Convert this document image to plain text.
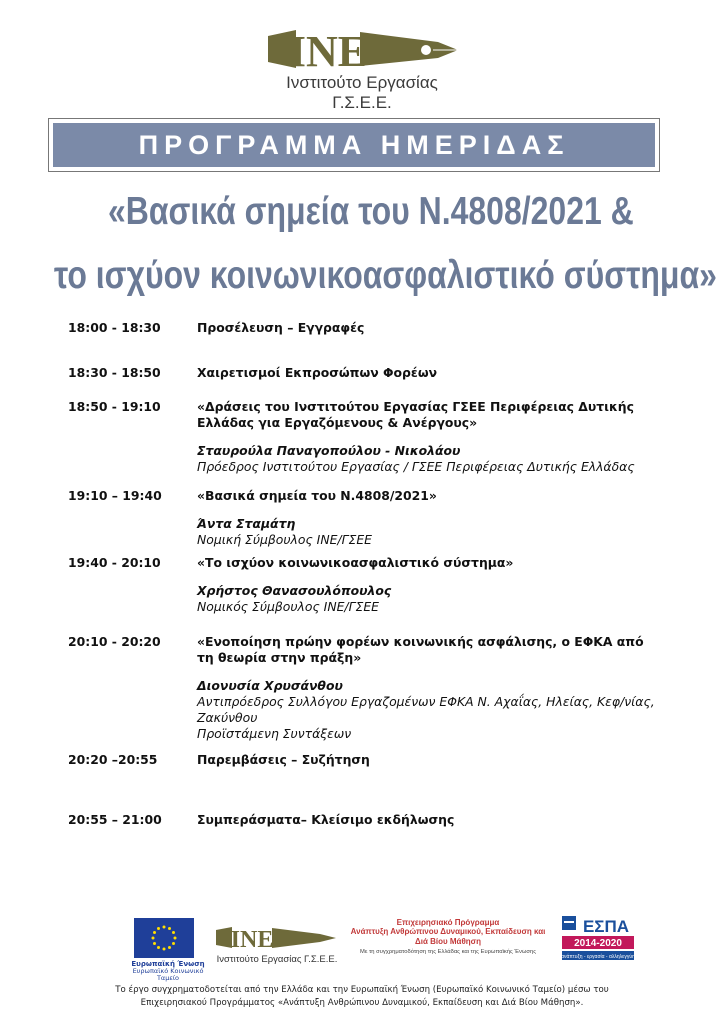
INE
Ινστιτούτο Εργασίας Γ.Σ.Ε.Ε.
ΠΡΟΓΡΑΜΜΑ ΗΜΕΡΙΔΑΣ
«Βασικά σημεία του Ν.4808/2021 &
το ισχύον κοινωνικοασφαλιστικό σύστημα»
18:00 - 18:30	Προσέλευση – Εγγραφές
18:30 - 18:50	Χαιρετισμοί Εκπροσώπων Φορέων
18:50 - 19:10	«Δράσεις του Ινστιτούτου Εργασίας ΓΣΕΕ Περιφέρειας Δυτικής Ελλάδας για Εργαζόμενους & Ανέργους»
Σταυρούλα Παναγοπούλου - Νικολάου
Πρόεδρος Ινστιτούτου Εργασίας / ΓΣΕΕ Περιφέρειας Δυτικής Ελλάδας
19:10 – 19:40	«Βασικά σημεία του Ν.4808/2021»
Άντα Σταμάτη
Νομική Σύμβουλος ΙΝΕ/ΓΣΕΕ
19:40 - 20:10	«Το ισχύον κοινωνικοασφαλιστικό σύστημα»
Χρήστος Θανασουλόπουλος
Νομικός Σύμβουλος ΙΝΕ/ΓΣΕΕ
20:10 - 20:20	«Ενοποίηση πρώην φορέων κοινωνικής ασφάλισης, ο ΕΦΚΑ από τη θεωρία στην πράξη»
Διονυσία Χρυσάνθου
Αντιπρόεδρος Συλλόγου Εργαζομένων ΕΦΚΑ Ν. Αχαΐας, Ηλείας, Κεφ/νίας, Ζακύνθου
Προϊστάμενη Συντάξεων
20:20 –20:55	Παρεμβάσεις – Συζήτηση
20:55 – 21:00	Συμπεράσματα– Κλείσιμο εκδήλωσης
Ευρωπαϊκή Ένωση
Ευρωπαϊκό Κοινωνικό Ταμείο
INE
Ινστιτούτο Εργασίας Γ.Σ.Ε.Ε.
Επιχειρησιακό Πρόγραμμα
Ανάπτυξη Ανθρώπινου Δυναμικού, Εκπαίδευση και Διά Βίου Μάθηση
Με τη συγχρηματοδότηση της Ελλάδας και της Ευρωπαϊκής Ένωσης
ΕΣΠΑ
2014-2020
ανάπτυξη - εργασία - αλληλεγγύη
Το έργο συγχρηματοδοτείται από την Ελλάδα και την Ευρωπαϊκή Ένωση (Ευρωπαϊκό Κοινωνικό Ταμείο) μέσω του
Επιχειρησιακού Προγράμματος «Ανάπτυξη Ανθρώπινου Δυναμικού, Εκπαίδευση και Διά Βίου Μάθηση».
